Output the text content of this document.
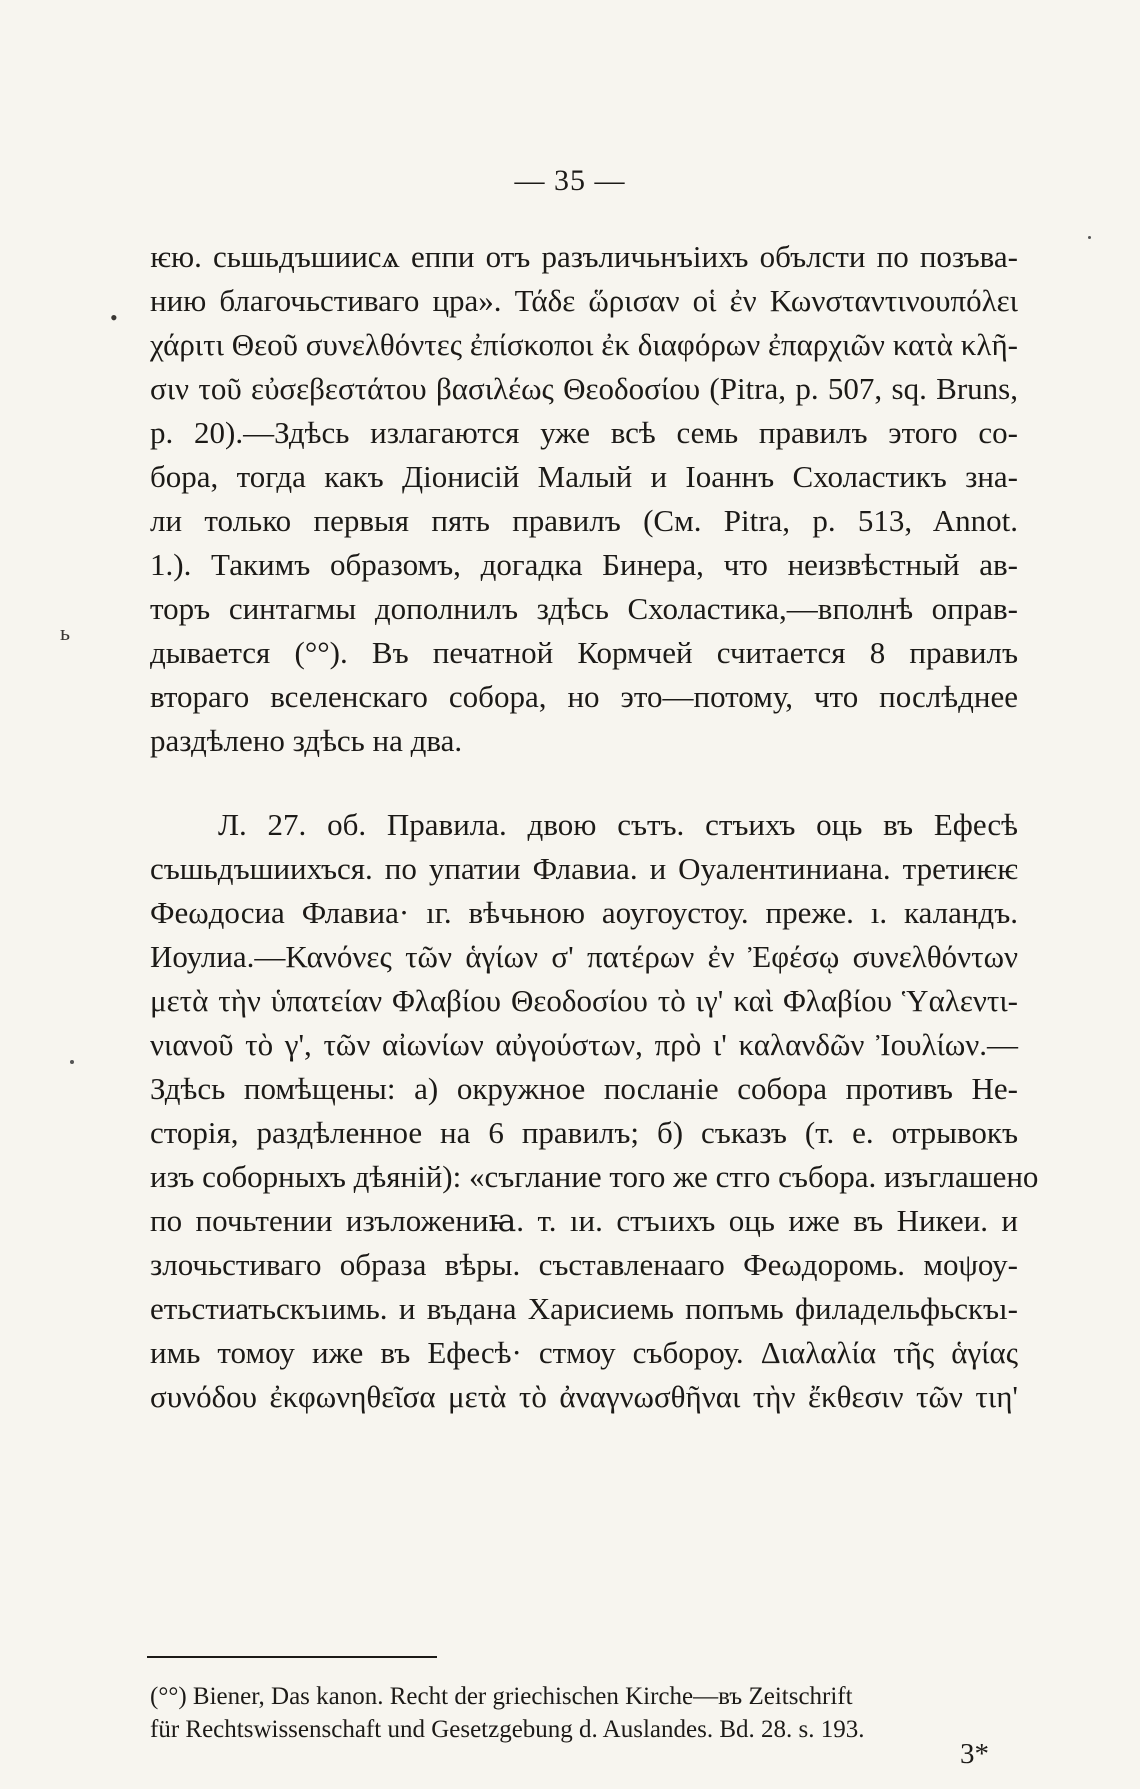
— 35 —
ѥю. сьшьдъшиисѧ еппи отъ разъличьнъіихъ обълсти по позъва-
нию благочьстиваго цра». Τάδε ὥρισαν οἱ ἐν Κωνσταντινουπόλει
χάριτι Θεοῦ συνελθόντες ἐπίσκοποι ἐκ διαφόρων ἐπαρχιῶν κατὰ κλῆ-
σιν τοῦ εὐσεβεστάτου βασιλέως Θεοδοσίου (Pitra, p. 507, sq. Bruns,
p. 20).—Здѣсь излагаются уже всѣ семь правилъ этого со-
бора, тогда какъ Діонисій Малый и Іоаннъ Схоластикъ зна-
ли только первыя пять правилъ (См. Pitra, p. 513, Annot.
1.). Такимъ образомъ, догадка Бинера, что неизвѣстный ав-
торъ синтагмы дополнилъ здѣсь Схоластика,—вполнѣ оправ-
дывается (°°). Въ печатной Кормчей считается 8 правилъ
втораго вселенскаго собора, но это—потому, что послѣднее
раздѣлено здѣсь на два.
Л. 27. об. Правила. двою сътъ. стъихъ оць въ Ефесѣ
съшьдъшиихъся. по упатии Флавиа. и Оуалентиниана. третиѥѥ
Феωдосиа Флавиа· ıг. вѣчьною аоугоустоу. преже. ı. каландъ.
Иоулиа.—Κανόνες τῶν ἁγίων σ' πατέρων ἐν Ἐφέσῳ συνελθόντων
μετὰ τὴν ὑπατείαν Φλαβίου Θεοδοσίου τὸ ιγ' καὶ Φλαβίου Ὑαλεντι-
νιανοῦ τὸ γ', τῶν αἰωνίων αὐγούστων, πρὸ ι' καλανδῶν Ἰουλίων.—
Здѣсь помѣщены: a) окружное посланіе собора противъ Не-
сторія, раздѣленное на 6 правилъ; б) съказъ (т. е. отрывокъ
изъ соборныхъ дѣяній): «съглание того же стго събора. изъглашено
по почьтении изъложениꙗ. т. ıи. стъıихъ оць иже въ Никеи. и
злочьстиваго образа вѣры. съставленааго Феωдоромь. моψоу-
етьстиатьскъıимь. и въдана Харисиемь попъмь филадельфьскъı-
имь томоу иже въ Ефесѣ· стмоу събороу. Διαλαλία τῆς ἁγίας
συνόδου ἐκφωνηθεῖσα μετὰ τὸ ἀναγνωσθῆναι τὴν ἔκθεσιν τῶν τιη'
(°°) Biener, Das kanon. Recht der griechischen Kirche—въ Zeitschrift
für Rechtswissenschaft und Gesetzgebung d. Auslandes. Bd. 28. s. 193.
3*
•
ь
